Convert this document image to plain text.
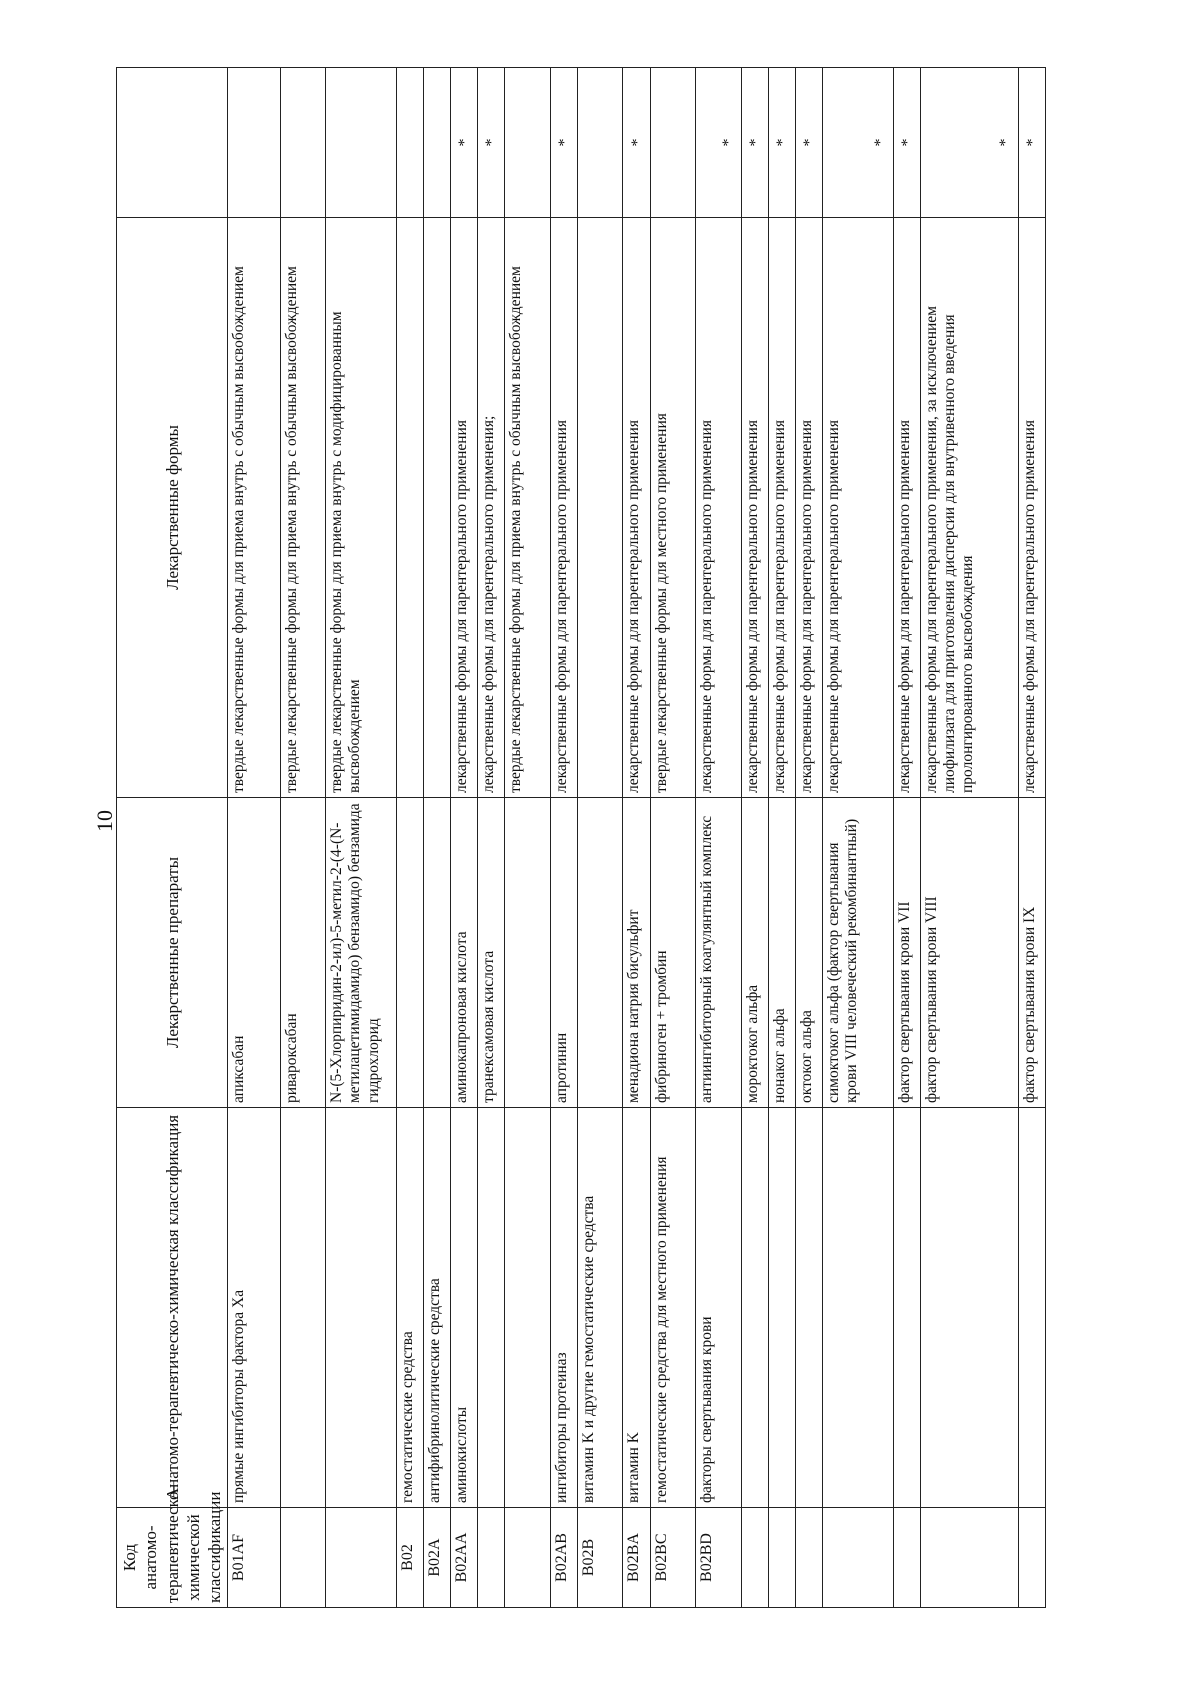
10
Код анатомо-терапевтическо-химической классификации	Анатомо-терапевтическо-химическая классификация	Лекарственные препараты	Лекарственные формы	
B01AF	прямые ингибиторы фактора Xa	апиксабан	твердые лекарственные формы для приема внутрь с обычным высвобождением	
		ривароксабан	твердые лекарственные формы для приема внутрь с обычным высвобождением	
		N-(5-Хлорпиридин-2-ил)-5-метил-2-(4-(N-метилацетимидамидо) бензамидо) бензамида гидрохлорид	твердые лекарственные формы для приема внутрь с модифицированным высвобождением	
B02	гемостатические средства			
B02A	антифибринолитические средства			
B02AA	аминокислоты	аминокапроновая кислота	лекарственные формы для парентерального применения	*
		транексамовая кислота	лекарственные формы для парентерального применения;	*
			твердые лекарственные формы для приема внутрь с обычным высвобождением	
B02AB	ингибиторы протеиназ	апротинин	лекарственные формы для парентерального применения	*
B02B	витамин K и другие гемостатические средства			
B02BA	витамин K	менадиона натрия бисульфит	лекарственные формы для парентерального применения	*
B02BC	гемостатические средства для местного применения	фибриноген + тромбин	твердые лекарственные формы для местного применения	
B02BD	факторы свертывания крови	антиингибиторный коагулянтный комплекс	лекарственные формы для парентерального применения	*
		мороктоког альфа	лекарственные формы для парентерального применения	*
		нонаког альфа	лекарственные формы для парентерального применения	*
		октоког альфа	лекарственные формы для парентерального применения	*
		симоктоког альфа (фактор свертывания крови VIII человеческий рекомбинантный)	лекарственные формы для парентерального применения	*
		фактор свертывания крови VII	лекарственные формы для парентерального применения	*
		фактор свертывания крови VIII	лекарственные формы для парентерального применения, за исключением лиофилизата для приготовления дисперсии для внутривенного введения пролонгированного высвобождения	*
		фактор свертывания крови IX	лекарственные формы для парентерального применения	*
